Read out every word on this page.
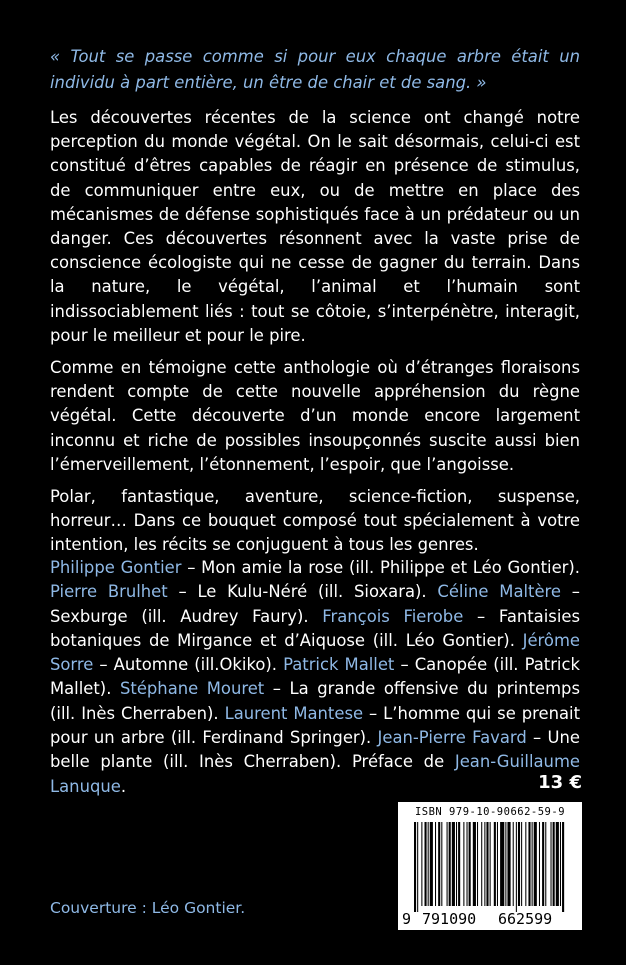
« Tout se passe comme si pour eux chaque arbre était un individu à part entière, un être de chair et de sang. »

Les découvertes récentes de la science ont changé notre perception du monde végétal. On le sait désormais, celui-ci est constitué d’êtres capables de réagir en présence de stimulus, de communiquer entre eux, ou de mettre en place des mécanismes de défense sophistiqués face à un prédateur ou un danger. Ces découvertes résonnent avec la vaste prise de conscience écologiste qui ne cesse de gagner du terrain. Dans la nature, le végétal, l’animal et l’humain sont indissociablement liés : tout se côtoie, s’interpénètre, interagit, pour le meilleur et pour le pire.

Comme en témoigne cette anthologie où d’étranges floraisons rendent compte de cette nouvelle appréhension du règne végétal. Cette découverte d’un monde encore largement inconnu et riche de possibles insoupçonnés suscite aussi bien l’émerveillement, l’étonnement, l’espoir, que l’angoisse.

Polar, fantastique, aventure, science-fiction, suspense, horreur… Dans ce bouquet composé tout spécialement à votre intention, les récits se conjuguent à tous les genres.

Philippe Gontier – Mon amie la rose (ill. Philippe et Léo Gontier). Pierre Brulhet – Le Kulu-Néré (ill. Sioxara). Céline Maltère – Sexburge (ill. Audrey Faury). François Fierobe – Fantaisies botaniques de Mirgance et d’Aiquose (ill. Léo Gontier). Jérôme Sorre – Automne (ill.Okiko). Patrick Mallet – Canopée (ill. Patrick Mallet). Stéphane Mouret – La grande offensive du printemps (ill. Inès Cherraben). Laurent Mantese – L’homme qui se prenait pour un arbre (ill. Ferdinand Springer). Jean-Pierre Favard – Une belle plante (ill. Inès Cherraben). Préface de Jean-Guillaume Lanuque.	13 €
ISBN 979-10-90662-59-9
9 791090 662599
Couverture : Léo Gontier.
